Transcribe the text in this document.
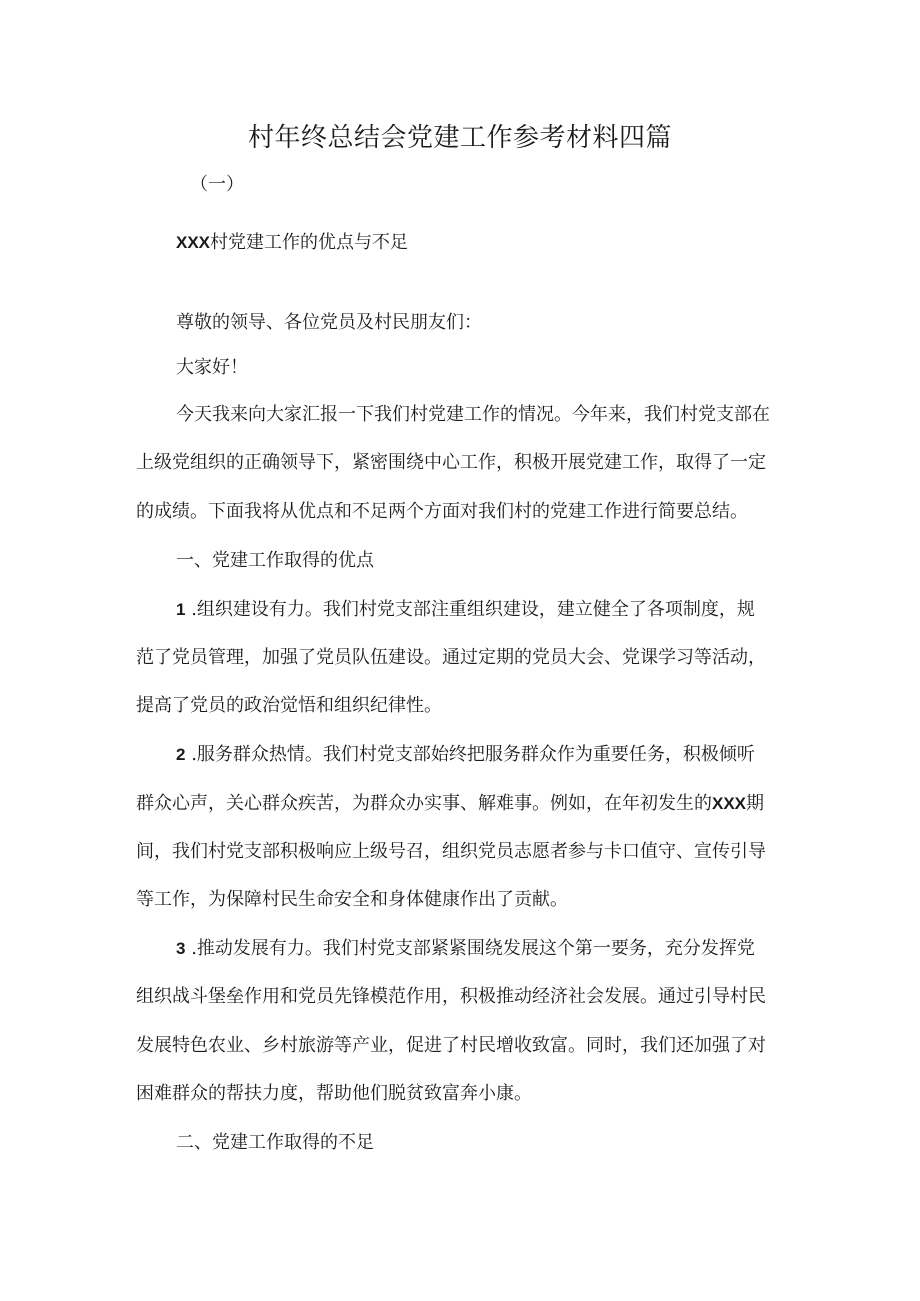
村年终总结会党建工作参考材料四篇
（一）
XXX村党建工作的优点与不足
尊敬的领导、各位党员及村民朋友们：
大家好！
今天我来向大家汇报一下我们村党建工作的情况。今年来，我们村党支部在
上级党组织的正确领导下，紧密围绕中心工作，积极开展党建工作，取得了一定
的成绩。下面我将从优点和不足两个方面对我们村的党建工作进行简要总结。
一、党建工作取得的优点
1 .组织建设有力。我们村党支部注重组织建设，建立健全了各项制度，规
范了党员管理，加强了党员队伍建设。通过定期的党员大会、党课学习等活动，
提高了党员的政治觉悟和组织纪律性。
2 .服务群众热情。我们村党支部始终把服务群众作为重要任务，积极倾听
群众心声，关心群众疾苦，为群众办实事、解难事。例如，在年初发生的XXX期
间，我们村党支部积极响应上级号召，组织党员志愿者参与卡口值守、宣传引导
等工作，为保障村民生命安全和身体健康作出了贡献。
3 .推动发展有力。我们村党支部紧紧围绕发展这个第一要务，充分发挥党
组织战斗堡垒作用和党员先锋模范作用，积极推动经济社会发展。通过引导村民
发展特色农业、乡村旅游等产业，促进了村民增收致富。同时，我们还加强了对
困难群众的帮扶力度，帮助他们脱贫致富奔小康。
二、党建工作取得的不足
